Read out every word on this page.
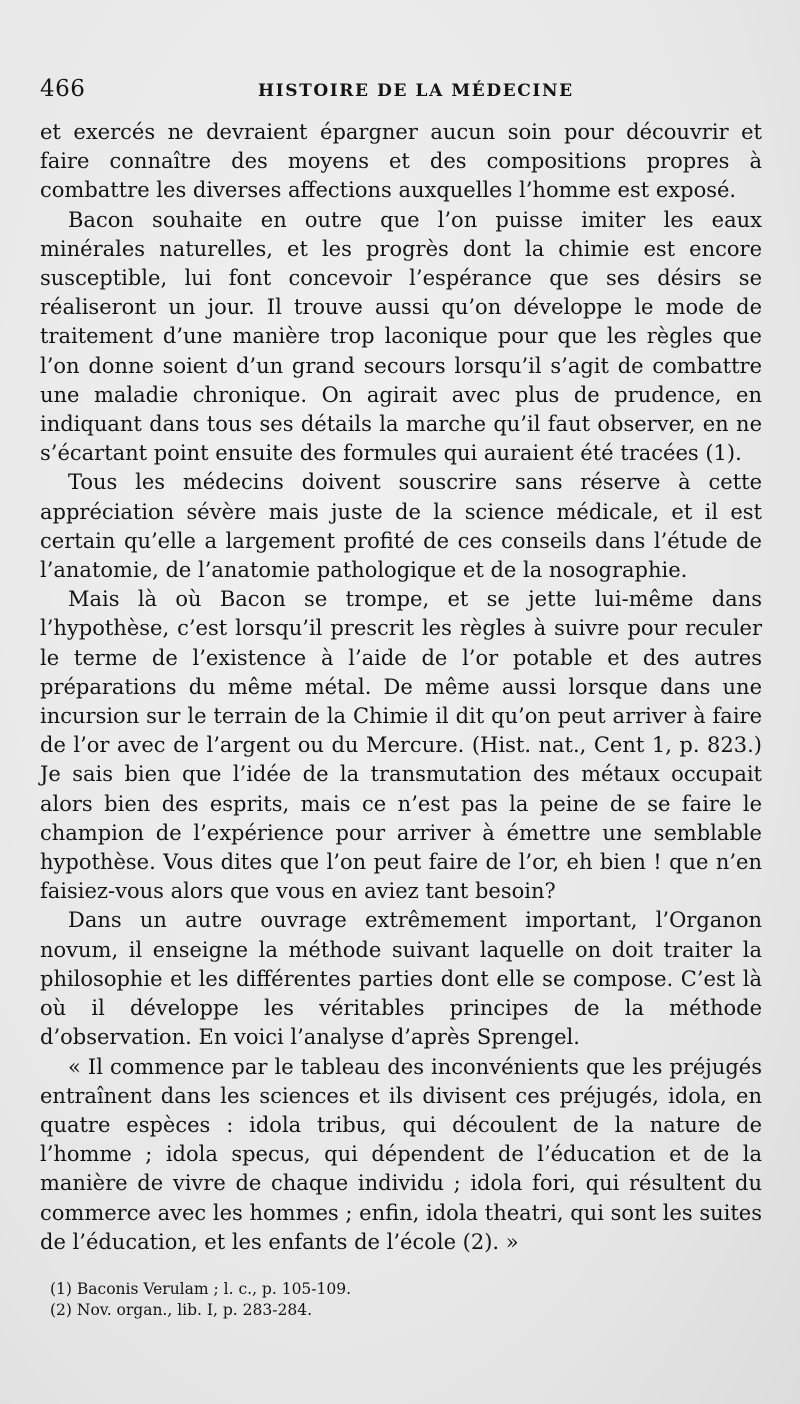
466	HISTOIRE DE LA MÉDECINE

et exercés ne devraient épargner aucun soin pour découvrir et faire connaître des moyens et des compositions propres à combattre les diverses affections auxquelles l’homme est exposé.

Bacon souhaite en outre que l’on puisse imiter les eaux minérales naturelles, et les progrès dont la chimie est encore susceptible, lui font concevoir l’espérance que ses désirs se réaliseront un jour. Il trouve aussi qu’on développe le mode de traitement d’une manière trop laconique pour que les règles que l’on donne soient d’un grand secours lorsqu’il s’agit de combattre une maladie chronique. On agirait avec plus de prudence, en indiquant dans tous ses détails la marche qu’il faut observer, en ne s’écartant point ensuite des formules qui auraient été tracées (1).

Tous les médecins doivent souscrire sans réserve à cette appréciation sévère mais juste de la science médicale, et il est certain qu’elle a largement profité de ces conseils dans l’étude de l’anatomie, de l’anatomie pathologique et de la nosographie.

Mais là où Bacon se trompe, et se jette lui-même dans l’hypothèse, c’est lorsqu’il prescrit les règles à suivre pour reculer le terme de l’existence à l’aide de l’or potable et des autres préparations du même métal. De même aussi lorsque dans une incursion sur le terrain de la Chimie il dit qu’on peut arriver à faire de l’or avec de l’argent ou du Mercure. (Hist. nat., Cent 1, p. 823.) Je sais bien que l’idée de la transmutation des métaux occupait alors bien des esprits, mais ce n’est pas la peine de se faire le champion de l’expérience pour arriver à émettre une semblable hypothèse. Vous dites que l’on peut faire de l’or, eh bien ! que n’en faisiez-vous alors que vous en aviez tant besoin?

Dans un autre ouvrage extrêmement important, l’Organon novum, il enseigne la méthode suivant laquelle on doit traiter la philosophie et les différentes parties dont elle se compose. C’est là où il développe les véritables principes de la méthode d’observation. En voici l’analyse d’après Sprengel.

« Il commence par le tableau des inconvénients que les préjugés entraînent dans les sciences et ils divisent ces préjugés, idola, en quatre espèces : idola tribus, qui découlent de la nature de l’homme ; idola specus, qui dépendent de l’éducation et de la manière de vivre de chaque individu ; idola fori, qui résultent du commerce avec les hommes ; enfin, idola theatri, qui sont les suites de l’éducation, et les enfants de l’école (2). »

(1) Baconis Verulam ; l. c., p. 105-109.

(2) Nov. organ., lib. I, p. 283-284.
